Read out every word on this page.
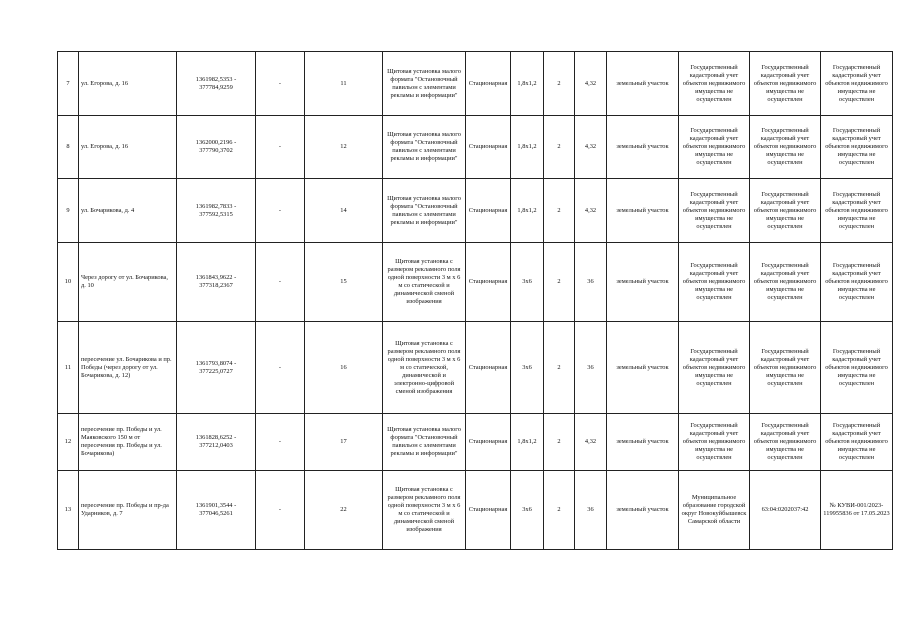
7	ул. Егорова, д. 16	1361982,5353 - 377784,9259	-	11	Щитовая установка малого формата "Остановочный павильон с элементами рекламы и информации"	Стационарная	1,8х1,2	2	4,32	земельный участок	Государственный кадастровый учет объектов недвижимого имущества не осуществлен	Государственный кадастровый учет объектов недвижимого имущества не осуществлен	Государственный кадастровый учет объектов недвижимого имущества не осуществлен
8	ул. Егорова, д. 16	1362000,2196 - 377790,3702	-	12	Щитовая установка малого формата "Остановочный павильон с элементами рекламы и информации"	Стационарная	1,8х1,2	2	4,32	земельный участок	Государственный кадастровый учет объектов недвижимого имущества не осуществлен	Государственный кадастровый учет объектов недвижимого имущества не осуществлен	Государственный кадастровый учет объектов недвижимого имущества не осуществлен
9	ул. Бочарикова, д. 4	1361982,7833 - 377592,5315	-	14	Щитовая установка малого формата "Остановочный павильон с элементами рекламы и информации"	Стационарная	1,8х1,2	2	4,32	земельный участок	Государственный кадастровый учет объектов недвижимого имущества не осуществлен	Государственный кадастровый учет объектов недвижимого имущества не осуществлен	Государственный кадастровый учет объектов недвижимого имущества не осуществлен
10	Через дорогу от ул. Бочарикова, д. 10	1361843,9622 - 377318,2367	-	15	Щитовая установка с размером рекламного поля одной поверхности 3 м х 6 м со статической и динамической сменой изображения	Стационарная	3х6	2	36	земельный участок	Государственный кадастровый учет объектов недвижимого имущества не осуществлен	Государственный кадастровый учет объектов недвижимого имущества не осуществлен	Государственный кадастровый учет объектов недвижимого имущества не осуществлен
11	пересечение ул. Бочарикова и пр. Победы (через дорогу от ул. Бочарикова, д. 12)	1361793,8074 - 377225,0727	-	16	Щитовая установка с размером рекламного поля одной поверхности 3 м х 6 м со статической, динамической и электронно-цифровой сменой изображения	Стационарная	3х6	2	36	земельный участок	Государственный кадастровый учет объектов недвижимого имущества не осуществлен	Государственный кадастровый учет объектов недвижимого имущества не осуществлен	Государственный кадастровый учет объектов недвижимого имущества не осуществлен
12	пересечение пр. Победы и ул. Маяковского 150 м от пересечения пр. Победы и ул. Бочарикова)	1361828,6252 - 377212,0403	-	17	Щитовая установка малого формата "Остановочный павильон с элементами рекламы и информации"	Стационарная	1,8х1,2	2	4,32	земельный участок	Государственный кадастровый учет объектов недвижимого имущества не осуществлен	Государственный кадастровый учет объектов недвижимого имущества не осуществлен	Государственный кадастровый учет объектов недвижимого имущества не осуществлен
13	пересечение пр. Победы и пр-да Ударников, д. 7	1361901,3544 - 377046,5261	-	22	Щитовая установка с размером рекламного поля одной поверхности 3 м х 6 м со статической и динамической сменой изображения	Стационарная	3х6	2	36	земельный участок	Муниципальное образование городской округ Новокуйбышевск Самарской области	63:04:0202037:42	№ КУВИ-001/2023-119955836 от 17.05.2023
